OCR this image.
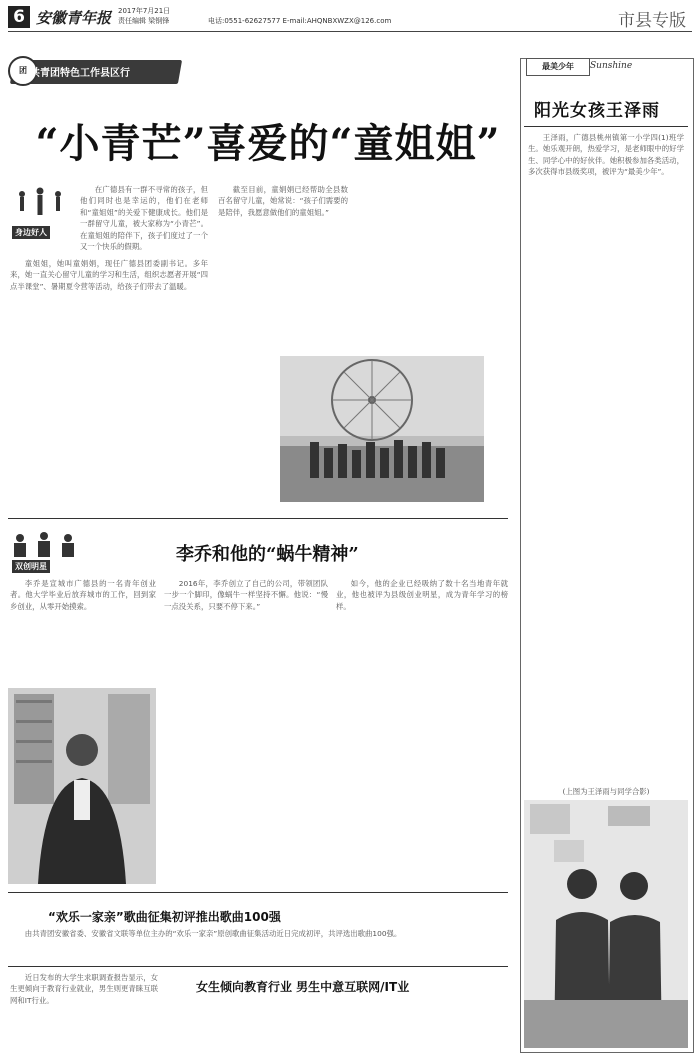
6 安徽青年报 2017年7月21日
责任编辑 梁钢锋	电话:0551-62627577 E-mail:AHQNBXWZX@126.com	市县专版
团 共青团特色工作县区行
“小青芒”喜爱的“童姐姐”
身边好人

在广德县有一群不寻常的孩子，但他们同时也是幸运的，他们在老师和“童姐姐”的关爱下健康成长。他们是一群留守儿童，被大家称为“小青芒”。在童姐姐的陪伴下，孩子们度过了一个又一个快乐的假期。

童姐姐，她叫童娟娟，现任广德县团委副书记。多年来，她一直关心留守儿童的学习和生活，组织志愿者开展“四点半课堂”、暑期夏令营等活动，给孩子们带去了温暖。

截至目前，童娟娟已经帮助全县数百名留守儿童，她常说：“孩子们需要的是陪伴，我愿意做他们的童姐姐。”

双创明星
李乔和他的“蜗牛精神”

李乔是宣城市广德县的一名青年创业者。他大学毕业后放弃城市的工作，回到家乡创业，从零开始摸索。

2016年，李乔创立了自己的公司，带领团队一步一个脚印，像蜗牛一样坚持不懈。他说：“慢一点没关系，只要不停下来。”

如今，他的企业已经吸纳了数十名当地青年就业，他也被评为县级创业明星，成为青年学习的榜样。

“欢乐一家亲”歌曲征集初评推出歌曲100强

由共青团安徽省委、安徽省文联等单位主办的“欢乐一家亲”原创歌曲征集活动近日完成初评，共评选出歌曲100强。

女生倾向教育行业 男生中意互联网/IT业

近日发布的大学生求职调查报告显示，女生更倾向于教育行业就业，男生则更青睐互联网和IT行业。

最美少年	Sunshine
阳光女孩王泽雨

王泽雨，广德县桃州镇第一小学四(1)班学生。她乐观开朗，热爱学习，是老师眼中的好学生、同学心中的好伙伴。她积极参加各类活动，多次获得市县级奖项，被评为“最美少年”。

(上图为王泽雨与同学合影)
